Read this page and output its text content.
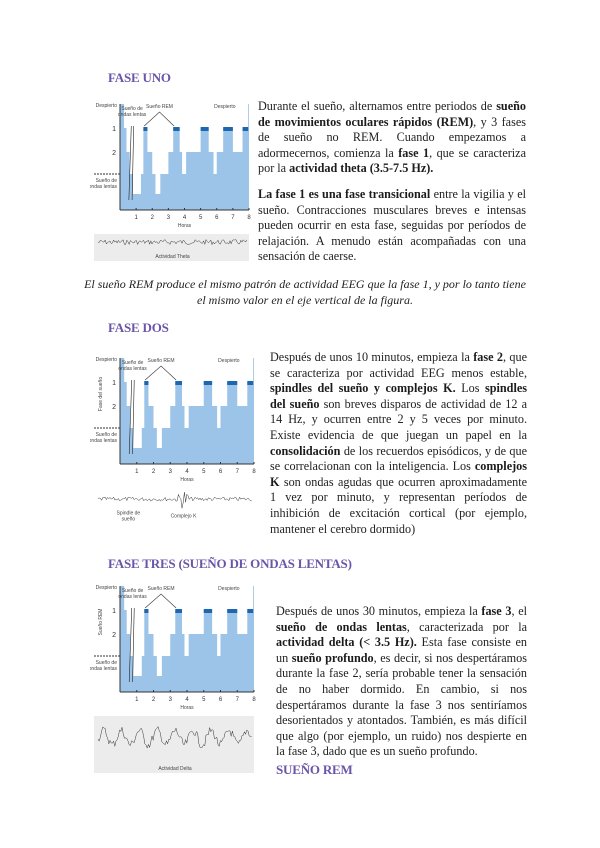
FASE UNO
Despierto
1
2
Sueño de
ondas lentas
Sueño de
ondas lentas
Sueño REM	Despierto
1 2 3 4 5 6 7 8
Horas
Actividad Theta

Durante el sueño, alternamos entre periodos de sueño de movimientos oculares rápidos (REM), y 3 fases de sueño no REM. Cuando empezamos a adormecernos, comienza la fase 1, que se caracteriza por la actividad theta (3.5-7.5 Hz).

La fase 1 es una fase transicional entre la vigilia y el sueño. Contracciones musculares breves e intensas pueden ocurrir en esta fase, seguidas por períodos de relajación. A menudo están acompañadas con una sensación de caerse.

El sueño REM produce el mismo patrón de actividad EEG que la fase 1, y por lo tanto tiene el mismo valor en el eje vertical de la figura.
FASE DOS
Despierto
1
2
Fase del sueño
Sueño de
ondas lentas
Sueño de
ondas lentas
Sueño REM	Despierto
1 2 3 4 5 6 7 8
Horas
Spindle de
sueño
Complejo K

Después de unos 10 minutos, empieza la fase 2, que se caracteriza por actividad EEG menos estable, spindles del sueño y complejos K. Los spindles del sueño son breves disparos de actividad de 12 a 14 Hz, y ocurren entre 2 y 5 veces por minuto. Existe evidencia de que juegan un papel en la consolidación de los recuerdos episódicos, y de que se correlacionan con la inteligencia. Los complejos K son ondas agudas que ocurren aproximadamente 1 vez por minuto, y representan períodos de inhibición de excitación cortical (por ejemplo, mantener el cerebro dormido)

FASE TRES (SUEÑO DE ONDAS LENTAS)
Despierto
1
2
Sueño REM
Sueño de
ondas lentas
Sueño de
ondas lentas
Sueño REM	Despierto
1 2 3 4 5 6 7 8
Horas
Actividad Delta

Después de unos 30 minutos, empieza la fase 3, el sueño de ondas lentas, caracterizada por la actividad delta (< 3.5 Hz). Esta fase consiste en un sueño profundo, es decir, si nos despertáramos durante la fase 2, sería probable tener la sensación de no haber dormido. En cambio, si nos despertáramos durante la fase 3 nos sentiríamos desorientados y atontados. También, es más difícil que algo (por ejemplo, un ruido) nos despierte en la fase 3, dado que es un sueño profundo.

SUEÑO REM
